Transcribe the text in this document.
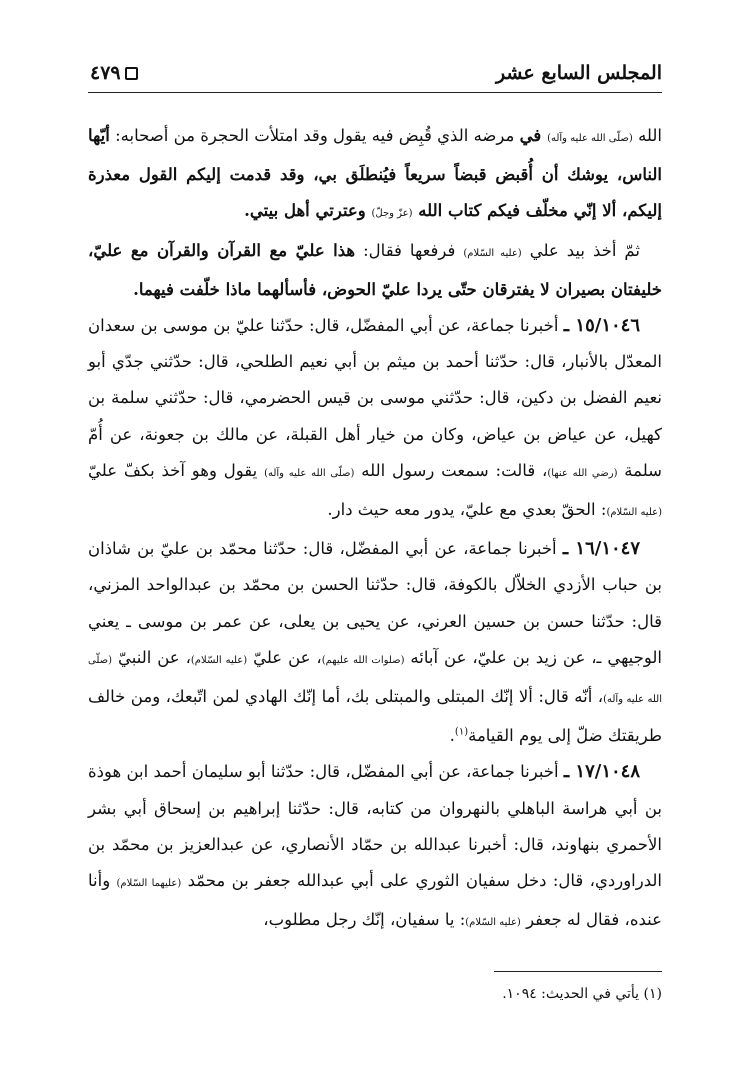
المجلس السابع عشر
٤٧٩

الله (صلّى الله عليه وآله) في مرضه الذي قُبِض فيه يقول وقد امتلأت الحجرة من أصحابه: أيّها الناس، يوشك أن أُقبض قبضاً سريعاً فيُنطلَق بي، وقد قدمت إليكم القول معذرة إليكم، ألا إنّي مخلّف فيكم كتاب الله (عزّ وجلّ) وعترتي أهل بيتي.

ثمّ أخذ بيد علي (عليه السّلام) فرفعها فقال: هذا عليّ مع القرآن والقرآن مع عليّ، خليفتان بصيران لا يفترقان حتّى يردا عليّ الحوض، فأسألهما ماذا خلّفت فيهما.

١٥/١٠٤٦ ـ أخبرنا جماعة، عن أبي المفضّل، قال: حدّثنا عليّ بن موسى بن سعدان المعدّل بالأنبار، قال: حدّثنا أحمد بن ميثم بن أبي نعيم الطلحي، قال: حدّثني جدّي أبو نعيم الفضل بن دكين، قال: حدّثني موسى بن قيس الحضرمي، قال: حدّثني سلمة بن كهيل، عن عياض بن عياض، وكان من خيار أهل القبلة، عن مالك بن جعونة، عن أُمّ سلمة (رضي الله عنها)، قالت: سمعت رسول الله (صلّى الله عليه وآله) يقول وهو آخذ بكفّ عليّ (عليه السّلام): الحقّ بعدي مع عليّ، يدور معه حيث دار.

١٦/١٠٤٧ ـ أخبرنا جماعة، عن أبي المفضّل، قال: حدّثنا محمّد بن عليّ بن شاذان بن حباب الأزدي الخلاّل بالكوفة، قال: حدّثنا الحسن بن محمّد بن عبدالواحد المزني، قال: حدّثنا حسن بن حسين العرني، عن يحيى بن يعلى، عن عمر بن موسى ـ يعني الوجيهي ـ، عن زيد بن عليّ، عن آبائه (صلوات الله عليهم)، عن عليّ (عليه السّلام)، عن النبيّ (صلّى الله عليه وآله)، أنّه قال: ألا إنّك المبتلى والمبتلى بك، أما إنّك الهادي لمن اتّبعك، ومن خالف طريقتك ضلّ إلى يوم القيامة$^{(١)}$.

١٧/١٠٤٨ ـ أخبرنا جماعة، عن أبي المفضّل، قال: حدّثنا أبو سليمان أحمد ابن هوذة بن أبي هراسة الباهلي بالنهروان من كتابه، قال: حدّثنا إبراهيم بن إسحاق أبي بشر الأحمري بنهاوند، قال: أخبرنا عبدالله بن حمّاد الأنصاري، عن عبدالعزيز بن محمّد بن الدراوردي، قال: دخل سفيان الثوري على أبي عبدالله جعفر بن محمّد (عليهما السّلام) وأنا عنده، فقال له جعفر (عليه السّلام): يا سفيان، إنّك رجل مطلوب،

(١) يأتي في الحديث: ١٠٩٤.
